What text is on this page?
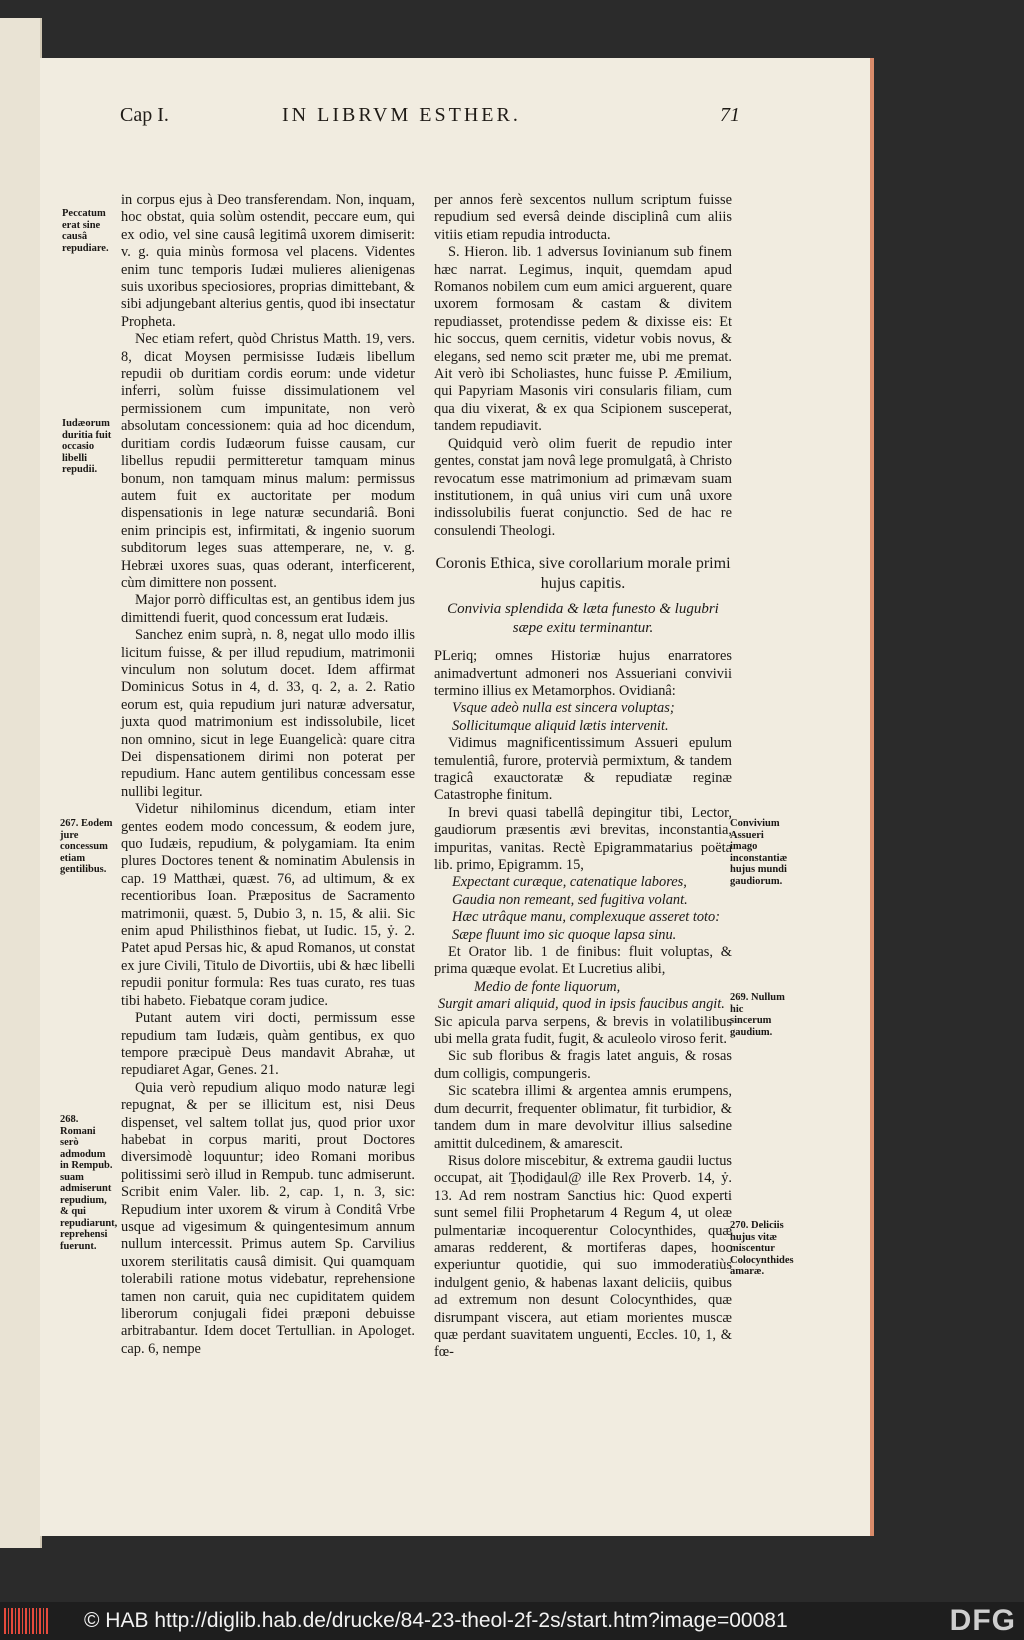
Cap I.	IN LIBRVM ESTHER.	71

in corpus ejus à Deo transferendam. Non, inquam, hoc obstat, quia solùm ostendit, peccare eum, qui ex odio, vel sine causâ legitimâ uxorem dimiserit: v. g. quia minùs formosa vel placens. Videntes enim tunc temporis Iudæi mulieres alienigenas suis uxoribus speciosiores, proprias dimittebant, & sibi adjungebant alterius gentis, quod ibi insectatur Propheta.

Nec etiam refert, quòd Christus Matth. 19, vers. 8, dicat Moysen permisisse Iudæis libellum repudii ob duritiam cordis eorum: unde videtur inferri, solùm fuisse dissimulationem vel permissionem cum impunitate, non verò absolutam concessionem: quia ad hoc dicendum, duritiam cordis Iudæorum fuisse causam, cur libellus repudii permitteretur tamquam minus bonum, non tamquam minus malum: permissus autem fuit ex auctoritate per modum dispensationis in lege naturæ secundariâ. Boni enim principis est, infirmitati, & ingenio suorum subditorum leges suas attemperare, ne, v. g. Hebræi uxores suas, quas oderant, interficerent, cùm dimittere non possent.

Major porrò difficultas est, an gentibus idem jus dimittendi fuerit, quod concessum erat Iudæis.

Sanchez enim suprà, n. 8, negat ullo modo illis licitum fuisse, & per illud repudium, matrimonii vinculum non solutum docet. Idem affirmat Dominicus Sotus in 4, d. 33, q. 2, a. 2. Ratio eorum est, quia repudium juri naturæ adversatur, juxta quod matrimonium est indissolubile, licet non omnino, sicut in lege Euangelicà: quare citra Dei dispensationem dirimi non poterat per repudium. Hanc autem gentilibus concessam esse nullibi legitur.

Videtur nihilominus dicendum, etiam inter gentes eodem modo concessum, & eodem jure, quo Iudæis, repudium, & polygamiam. Ita enim plures Doctores tenent & nominatim Abulensis in cap. 19 Matthæi, quæst. 76, ad ultimum, & ex recentioribus Ioan. Præpositus de Sacramento matrimonii, quæst. 5, Dubio 3, n. 15, & alii. Sic enim apud Philisthinos fiebat, ut Iudic. 15, ỷ. 2. Patet apud Persas hic, & apud Romanos, ut constat ex jure Civili, Titulo de Divortiis, ubi & hæc libelli repudii ponitur formula: Res tuas curato, res tuas tibi habeto. Fiebatque coram judice.

Putant autem viri docti, permissum esse repudium tam Iudæis, quàm gentibus, ex quo tempore præcipuè Deus mandavit Abrahæ, ut repudiaret Agar, Genes. 21.

Quia verò repudium aliquo modo naturæ legi repugnat, & per se illicitum est, nisi Deus dispenset, vel saltem tollat jus, quod prior uxor habebat in corpus mariti, prout Doctores diversimodè loquuntur; ideo Romani moribus politissimi serò illud in Rempub. tunc admiserunt. Scribit enim Valer. lib. 2, cap. 1, n. 3, sic: Repudium inter uxorem & virum à Conditâ Vrbe usque ad vigesimum & quingentesimum annum nullum intercessit. Primus autem Sp. Carvilius uxorem sterilitatis causâ dimisit. Qui quamquam tolerabili ratione motus videbatur, reprehensione tamen non caruit, quia nec cupiditatem quidem liberorum conjugali fidei præponi debuisse arbitrabantur. Idem docet Tertullian. in Apologet. cap. 6, nempe

per annos ferè sexcentos nullum scriptum fuisse repudium sed eversâ deinde disciplinâ cum aliis vitiis etiam repudia introducta.

S. Hieron. lib. 1 adversus Iovinianum sub finem hæc narrat. Legimus, inquit, quemdam apud Romanos nobilem cum eum amici arguerent, quare uxorem formosam & castam & divitem repudiasset, protendisse pedem & dixisse eis: Et hic soccus, quem cernitis, videtur vobis novus, & elegans, sed nemo scit præter me, ubi me premat. Ait verò ibi Scholiastes, hunc fuisse P. Æmilium, qui Papyriam Masonis viri consularis filiam, cum qua diu vixerat, & ex qua Scipionem susceperat, tandem repudiavit.

Quidquid verò olim fuerit de repudio inter gentes, constat jam novâ lege promulgatâ, à Christo revocatum esse matrimonium ad primævam suam institutionem, in quâ unius viri cum unâ uxore indissolubilis fuerat conjunctio. Sed de hac re consulendi Theologi.

Coronis Ethica, sive corollarium morale primi hujus capitis.
Convivia splendida & læta funesto & lugubri sæpe exitu terminantur.

PLeriq; omnes Historiæ hujus enarratores animadvertunt admoneri nos Assueriani convivii termino illius ex Metamorphos. Ovidianâ:

Vsque adeò nulla est sincera voluptas;

Sollicitumque aliquid lætis intervenit.

Vidimus magnificentissimum Assueri epulum temulentiâ, furore, protervià permixtum, & tandem tragicâ exauctoratæ & repudiatæ reginæ Catastrophe finitum.

In brevi quasi tabellâ depingitur tibi, Lector, gaudiorum præsentis ævi brevitas, inconstantia, impuritas, vanitas. Rectè Epigrammatarius poëta lib. primo, Epigramm. 15,

Expectant curæque, catenatique labores,

Gaudia non remeant, sed fugitiva volant.

Hæc utrâque manu, complexuque asseret toto:

Sæpe fluunt imo sic quoque lapsa sinu.

Et Orator lib. 1 de finibus: fluit voluptas, & prima quæque evolat. Et Lucretius alibi,

Medio de fonte liquorum,

Surgit amari aliquid, quod in ipsis faucibus angit.

Sic apicula parva serpens, & brevis in volatilibus ubi mella grata fudit, fugit, & aculeolo viroso ferit.

Sic sub floribus & fragis latet anguis, & rosas dum colligis, compungeris.

Sic scatebra illimi & argentea amnis erumpens, dum decurrit, frequenter oblimatur, fit turbidior, & tandem dum in mare devolvitur illius salsedine amittit dulcedinem, & amarescit.

Risus dolore miscebitur, & extrema gaudii luctus occupat, ait Ṯḥodiḏaul@ ille Rex Proverb. 14, ỷ. 13. Ad rem nostram Sanctius hic: Quod experti sunt semel filii Prophetarum 4 Regum 4, ut oleæ pulmentariæ incoquerentur Colocynthides, quæ amaras redderent, & mortiferas dapes, hoc experiuntur quotidie, qui suo immoderatiùs indulgent genio, & habenas laxant deliciis, quibus ad extremum non desunt Colocynthides, quæ disrumpant viscera, aut etiam morientes muscæ quæ perdant suavitatem unguenti, Eccles. 10, 1, & fœ-

Peccatum erat sine causâ repudiare.
Iudæorum duritia fuit occasio libelli repudii.
267. Eodem jure concessum etiam gentilibus.
268. Romani serò admodum in Rempub. suam admiserunt repudium, & qui repudiarunt, reprehensi fuerunt.
Convivium Assueri imago inconstantiæ hujus mundi gaudiorum.
269. Nullum hic sincerum gaudium.
270. Deliciis hujus vitæ miscentur Colocynthides amaræ.
© HAB http://diglib.hab.de/drucke/84-23-theol-2f-2s/start.htm?image=00081	DFG
